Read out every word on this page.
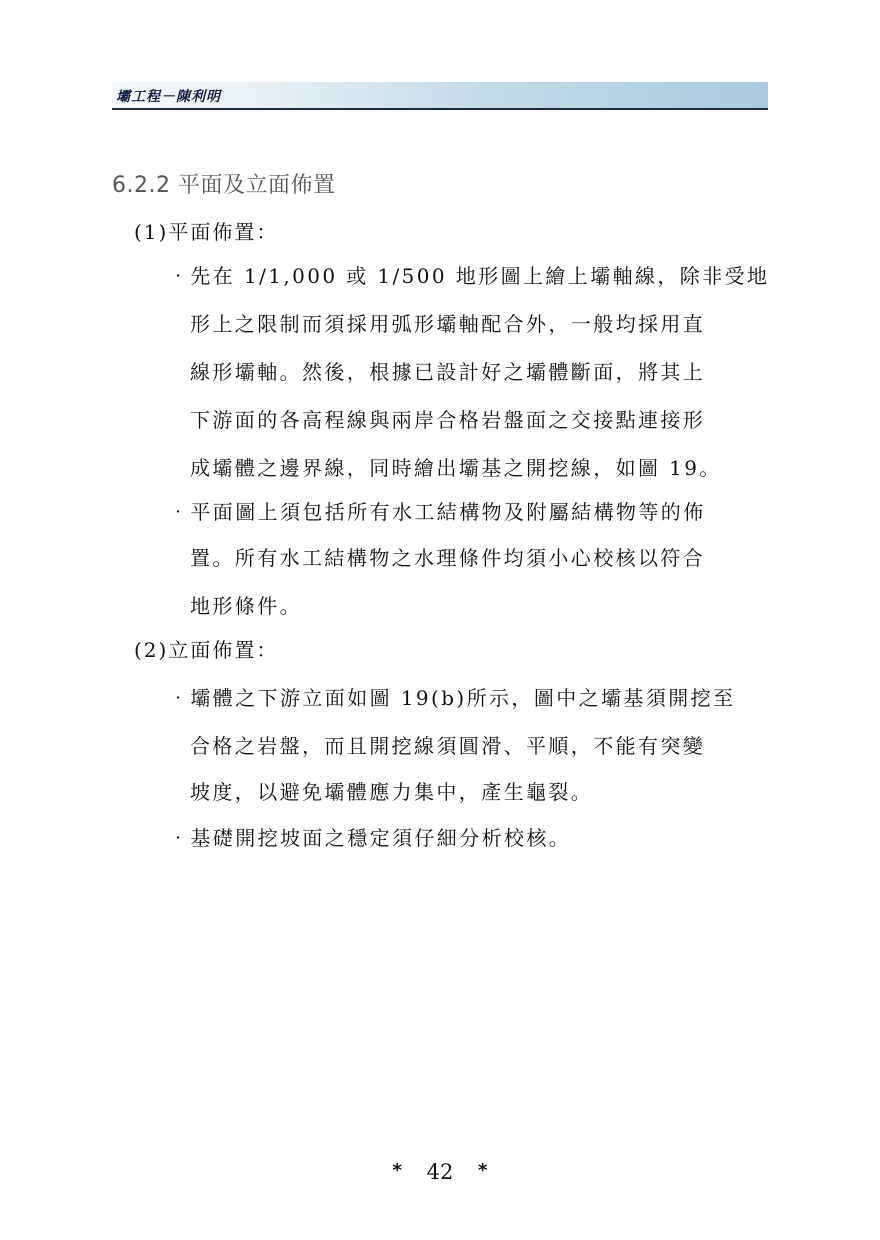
壩工程－陳利明
6.2.2 平面及立面佈置
(1)平面佈置：
‧先在 1/1,000 或 1/500 地形圖上繪上壩軸線，除非受地
形上之限制而須採用弧形壩軸配合外，一般均採用直
線形壩軸。然後，根據已設計好之壩體斷面，將其上
下游面的各高程線與兩岸合格岩盤面之交接點連接形
成壩體之邊界線，同時繪出壩基之開挖線，如圖 19。
‧平面圖上須包括所有水工結構物及附屬結構物等的佈
置。所有水工結構物之水理條件均須小心校核以符合
地形條件。
(2)立面佈置：
‧壩體之下游立面如圖 19(b)所示，圖中之壩基須開挖至
合格之岩盤，而且開挖線須圓滑、平順，不能有突變
坡度，以避免壩體應力集中，產生龜裂。
‧基礎開挖坡面之穩定須仔細分析校核。
* 42 *
